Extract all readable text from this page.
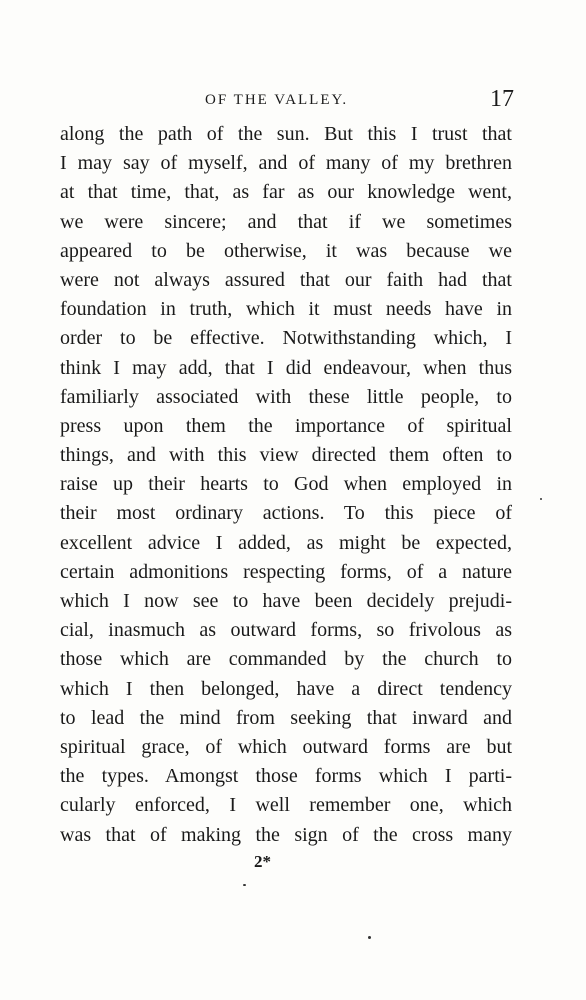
OF THE VALLEY.	17
along the path of the sun. But this I trust that
I may say of myself, and of many of my brethren
at that time, that, as far as our knowledge went,
we were sincere; and that if we sometimes
appeared to be otherwise, it was because we
were not always assured that our faith had that
foundation in truth, which it must needs have in
order to be effective. Notwithstanding which, I
think I may add, that I did endeavour, when thus
familiarly associated with these little people, to
press upon them the importance of spiritual
things, and with this view directed them often to
raise up their hearts to God when employed in
their most ordinary actions. To this piece of
excellent advice I added, as might be expected,
certain admonitions respecting forms, of a nature
which I now see to have been decidely prejudi-
cial, inasmuch as outward forms, so frivolous as
those which are commanded by the church to
which I then belonged, have a direct tendency
to lead the mind from seeking that inward and
spiritual grace, of which outward forms are but
the types. Amongst those forms which I parti-
cularly enforced, I well remember one, which
was that of making the sign of the cross many
2*
